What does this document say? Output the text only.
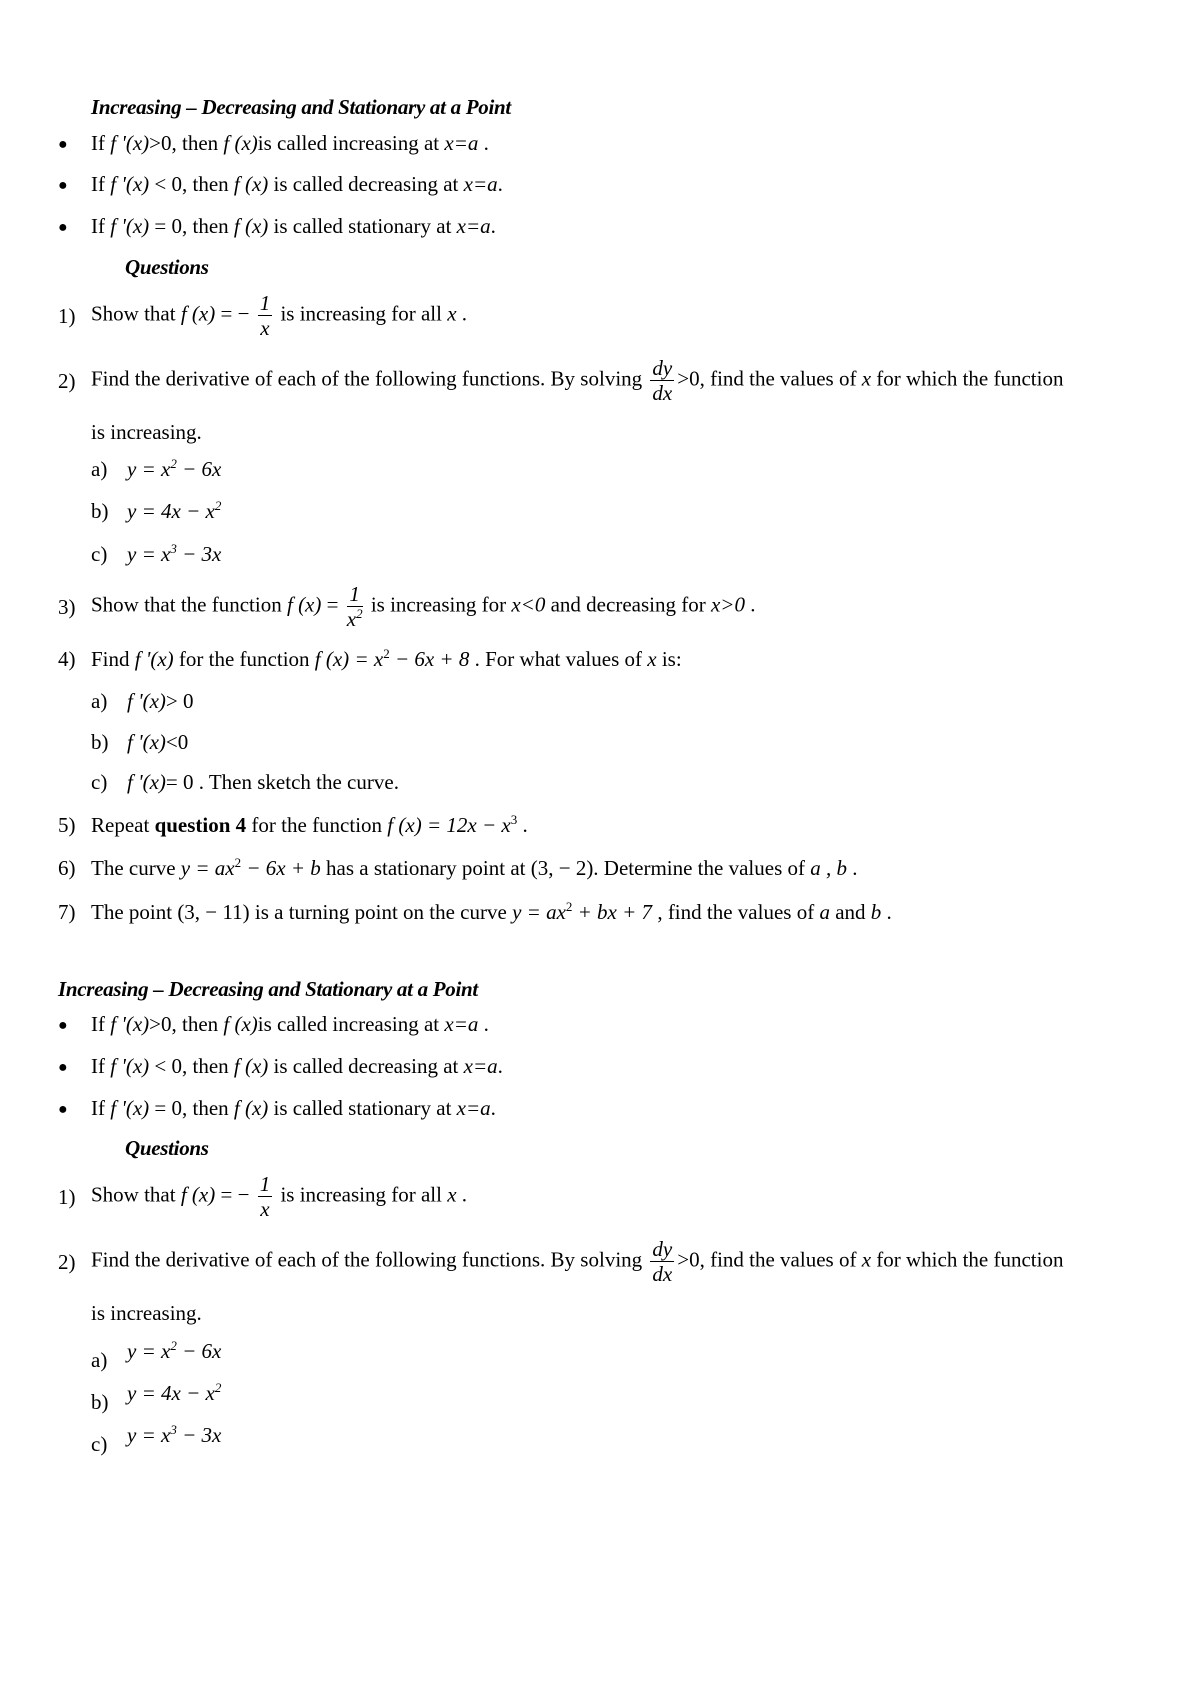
Increasing – Decreasing and Stationary at a Point
● If f '(x)>0, then f (x)is called increasing at x=a .
● If f '(x) < 0, then f (x) is called decreasing at x=a.
● If f '(x) = 0, then f (x) is called stationary at x=a.
Questions
1) Show that f (x) = − $\frac{1}{x}$ is increasing for all x .
2) Find the derivative of each of the following functions. By solving $\frac{dy}{dx} >0$, find the values of x for which the function
is increasing.
a) $y = x^2 - 6x$
b) $y = 4x - x^2$
c) $y = x^3 - 3x$
3) Show that the function f $(x) = \frac{1}{x^2}$ is increasing for x<0 and decreasing for x>0 .
4) Find f '(x) for the function f $(x) = x^2 - 6x + 8$ . For what values of x is:
a) f '(x)> 0
b) f '(x)<0
c) f '(x)= 0 . Then sketch the curve.
5) Repeat question 4 for the function f $(x) = 12x - x^3$ .
6) The curve $y = ax^2 - 6x + b$ has a stationary point at (3, − 2). Determine the values of a , b .
7) The point (3, − 11) is a turning point on the curve $y = ax^2$ + bx + 7 , find the values of a and b .
Increasing – Decreasing and Stationary at a Point
● If f '(x)>0, then f (x)is called increasing at x=a .
● If f '(x) < 0, then f (x) is called decreasing at x=a.
● If f '(x) = 0, then f (x) is called stationary at x=a.
Questions
1) Show that f (x) = − $\frac{1}{x}$ is increasing for all x .
2) Find the derivative of each of the following functions. By solving $\frac{dy}{dx} >0$, find the values of x for which the function
is increasing.
a) $y = x^2 - 6x$
b) $y = 4x - x^2$
c) $y = x^3 - 3x$
